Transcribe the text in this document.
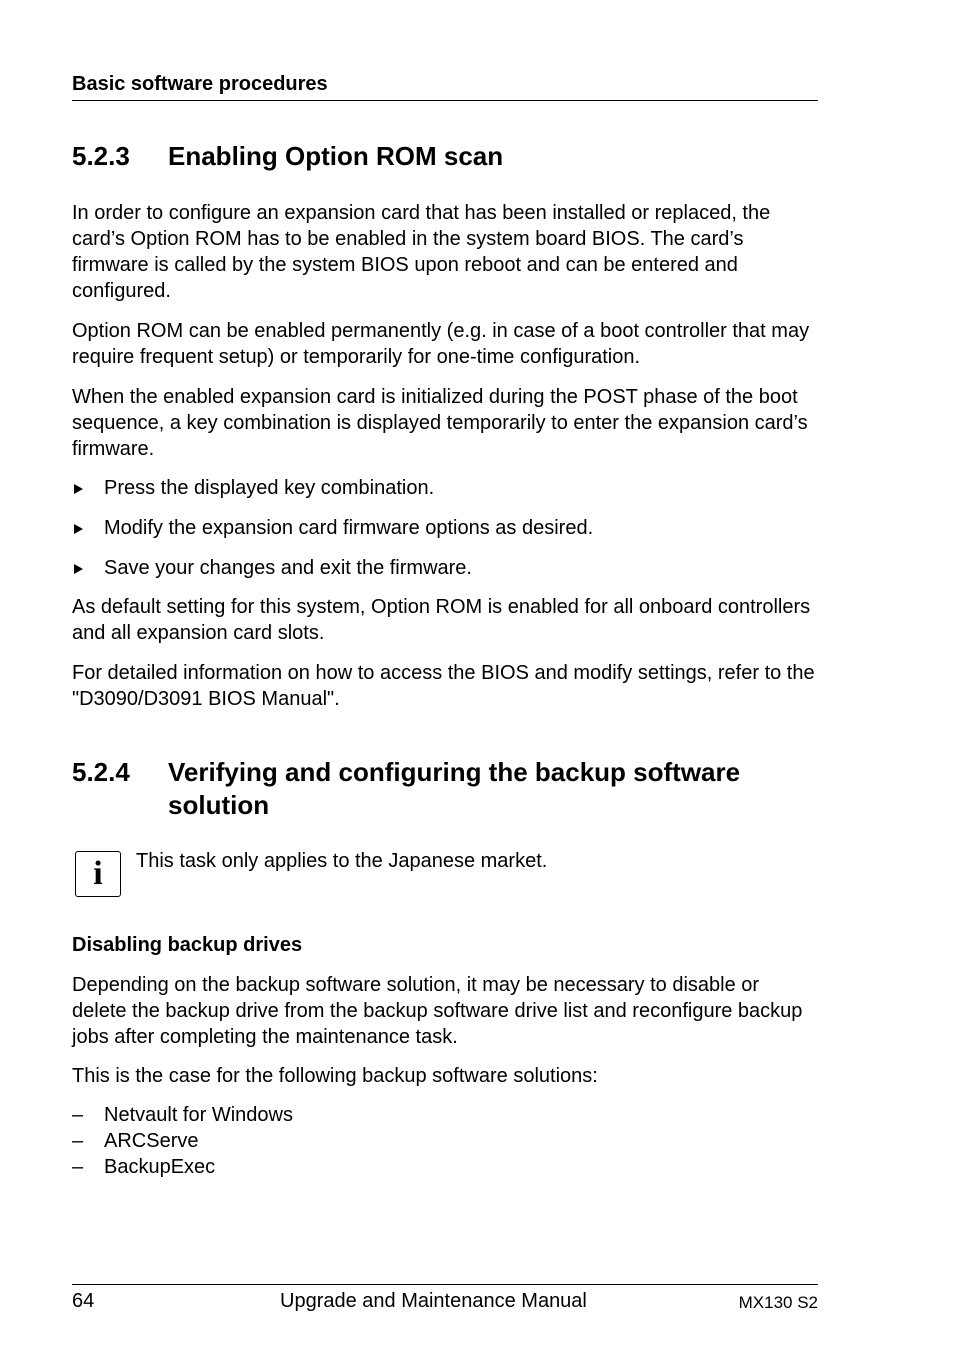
Basic software procedures
5.2.3 Enabling Option ROM scan

In order to configure an expansion card that has been installed or replaced, the card’s Option ROM has to be enabled in the system board BIOS. The card’s firmware is called by the system BIOS upon reboot and can be entered and configured.

Option ROM can be enabled permanently (e.g. in case of a boot controller that may require frequent setup) or temporarily for one-time configuration.

When the enabled expansion card is initialized during the POST phase of the boot sequence, a key combination is displayed temporarily to enter the expansion card’s firmware.

Press the displayed key combination.
Modify the expansion card firmware options as desired.
Save your changes and exit the firmware.

As default setting for this system, Option ROM is enabled for all onboard controllers and all expansion card slots.

For detailed information on how to access the BIOS and modify settings, refer to the "D3090/D3091 BIOS Manual".

5.2.4 Verifying and configuring the backup software solution
i	This task only applies to the Japanese market.

Disabling backup drives

Depending on the backup software solution, it may be necessary to disable or delete the backup drive from the backup software drive list and reconfigure backup jobs after completing the maintenance task.

This is the case for the following backup software solutions:

– Netvault for Windows
– ARCServe
– BackupExec
64	Upgrade and Maintenance Manual	MX130 S2
